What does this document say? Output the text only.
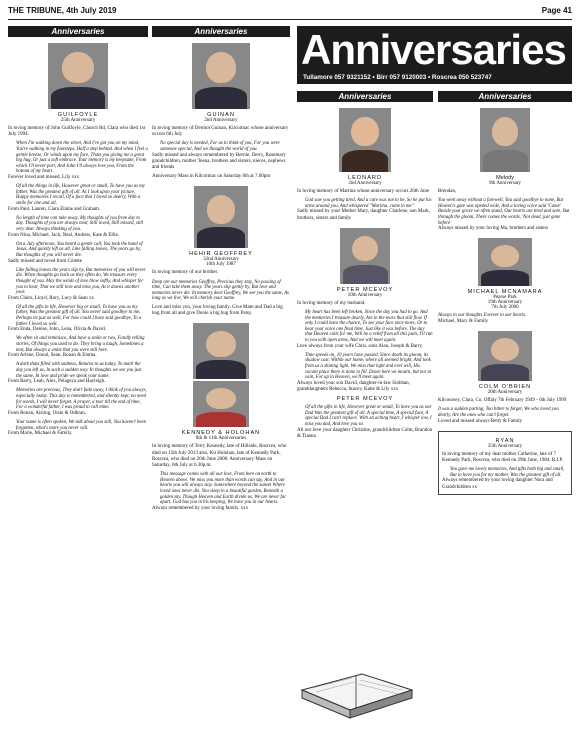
THE TRIBUNE, 4th July 2019	Page 41
Anniversaries
GUILFOYLE
25th Anniversary
In loving memory of John Guilfoyle, Church Rd, Clara who died 1st July 1994.
When I'm walking down the street, And I've got you on my mind, You're walking in my footsteps, Half a step behind. And when I feel a gentle breeze, Or winds upon my face, Thats you giving me a great big hug, Or just a soft embrace. Your memory is my keepsake, From which I'll never part, And John I'll always love you, From the bottom of my heart.
Forever loved and missed, Lily xxx
Of all the things in life, However great or small, To have you as my father, Was the greatest gift of all. As I look upon your picture, Happy memories I recall, Of a face that I loved so dearly, With a smile for one and all.
From Paul, Lauren, Ciara Elaine and Graham.
No length of time can take away, My thoughts of you from day to day. Thoughts of you are always near, Still loved, Still missed, still very dear. Always thinking of you.
From Nina, Michael, Jack, Neal, Andrew, Kate & Ellie.
On a July afternoon, You heard a gentle call, You took the hand of Jesus, And quietly left us all. Like falling leaves, The years go by, But thoughts of you will never die.
Sadly missed and loved from Colette
Like falling leaves the years slip by, But memories of you will never die. When thoughts go back as they often do, We treasure every thought of you. May the winds of love blow softly, And whisper for you to hear, That we still love and miss you, As it dawns another year.
From Claire, Lloyd, Rory, Lucy & Sean xx
Of all the gifts in life, However big or small, To have you as my father, Was the greatest gift of all. You never said goodbye to me, Perhaps its just as well, For how could I have said goodbye, To a father I loved so well.
From Enda, Denise, John, Lena, Olivia & David.
We often sit and reminisce, And have a smile or two, Fondly telling stories, Of things you used to do. They bring a laugh, Sometimes a tear, But always a smile that you were still here.
From Arlene, Donal, Sean, Ronan & Emma.
A dark thats filled with sadness, Returns to us today, To mark the day you left us, In such a sudden way. In thoughts we see you just the same, In love and pride we speak your name.
From Barry, Leah, Alex, Pelageya and Hayleigh.
Memories are precious, They don't fade away, I think of you always, especially today. This day is remembered, and silently kept, no need for words, I will never forget. A prayer, a tear till the end of time, For a wonderful father, I was proud to call mine.
From Ronan, Aisling, Oisin & Odhran.
Your name is often spoken, We talk about you still, You haven't been forgotten, what's more you never will.
From Marie, Michael & Family.
Anniversaries
GUINAN
2nd Anniversary
In loving memory of Dermot Guinan, Kilcormac whose anniversary occurs 6th July
No special day is needed, For us to think of you, For you were someone special, And we thought the world of you.
Sadly missed and always remembered by Bernie, Derry, Rosemary grandchildren, mother Teena, brothers and sisters, nieces, nephews and friends
Anniversary Mass in Kilcormac on Saturday 6th at 7.00pm
HEHIR GEOFFREY
32nd Anniversary
10th July 1987
In loving memory of our brother.
Deep are our memories Geoffrey, Precious they stay, No passing of time, Can take them away. The years slip gently by, But love and memories never die. In memory dear Geoffrey, We see you the same, As long as we live, We will cherish your name.
Love and miss you, your loving family. Give Mam and Dad a big hug from all and give Donie a big hug from Patsy.
KENNEDY & HOLOHAN
8th & 11th Anniversaries
In loving memory of Terry Kennedy, late of Hillside, Roscrea, who died on 15th July 2013 also, Kit Holohan, late of Kennedy Park, Roscrea, who died on 26th June 2008. Anniversary Mass on Saturday, 6th July at 6.30p.m.
This message comes with all our love, From here on earth to Heaven above. We miss you more than words can say, And in our hearts you will always stay. Somewhere beyond the sunset Where loved ones never die, You sleep in a beautiful garden, Beneath a golden sky. Though Heaven and Earth divide us, We are never far apart. God has you in his keeping, We have you in our hearts.
Always remembered by your loving family. xxx
Anniversaries
Tullamore 057 9321152 • Birr 057 9120003 • Roscrea 050 523747
Anniversaries
LEONARD
2nd Anniversary
In loving memory of Martina whose anniversary occurs 26th June
God saw you getting tired, And a cure was not to be, So he put his arms around you, And whispered "Martina, come to me"
Sadly missed by your Mother Mary, daughter Charlene, son Mark, brothers, sisters and family
PETER MCEVOY
10th Anniversary
In loving memory of my husband.
My heart has been left broken, Since the day you had to go. And the memories I treasure dearly, Are in the tears that still flow. If only I could have the chance, To see your face once more, Or to hear your voice one final time, Just like it was before. The day that Heaven calls for me, Will be a relief from all this pain, I'll run to you with open arms, And we will meet again.
Love always from your wife Chris, sons Alan, Joseph & Barry.
Time speeds on, 10 years have passed, Since death its gloom, its shadow cast. Within our home, where all seemed bright, And took from us a shining light. We miss that light and ever will, His vacant place there is none to fill. Down here we mourn, but not in vain, For up in Heaven, we'll meet again.
Always loved your son David, daughter-in-law Siobhan, granddaughters Rebecca, Stacey, Katie & Lily xxx
PETER MCEVOY
Of all the gifts in life, However great or small, To have you as our Dad Was the greatest gift of all. A special time, A special face, A special Dad I can't replace. With an aching heart, I whisper low, I miss you dad, And love you so.
All our love your daughter Christine, grandchildren Colm, Brandon & Tianna
Anniversaries
Melody
9th Anniversary
Brendan,
You went away without a farewell, You said goodbye to none, But Heaven's gate was opened wide, And a loving voice said 'Come' Beside your grave we often stand, Our hearts are tired and sore, But through the gloom, There comes the words, 'Not dead, just gone before'
Always missed by your loving Ma, brothers and sisters
MICHAEL MCNAMARA
Pearse Park
19th Anniversary
7th July 2000
Always in our thoughts Forever in our hearts.
Michael, Mary & Family
COLM O'BRIEN
20th Anniversary
Kilcoursey, Clara, Co. Offaly 7th February 1949 - 6th July 1999
It was a sudden parting, Too bitter to forget, We who loved you dearly, Are the ones who can't forget.
Loved and missed always Betty & Family
RYAN
35th Anniversary
In loving memory of my dear mother Catherine, late of 7 Kennedy Park, Roscrea, who died on 29th June, 1984. R.I.P.
You gave me lovely memories, And gifts both big and small, But to have you for my mother, Was the greatest gift of all.
Always remembered by your loving daughter Nora and Grandchildren xx
